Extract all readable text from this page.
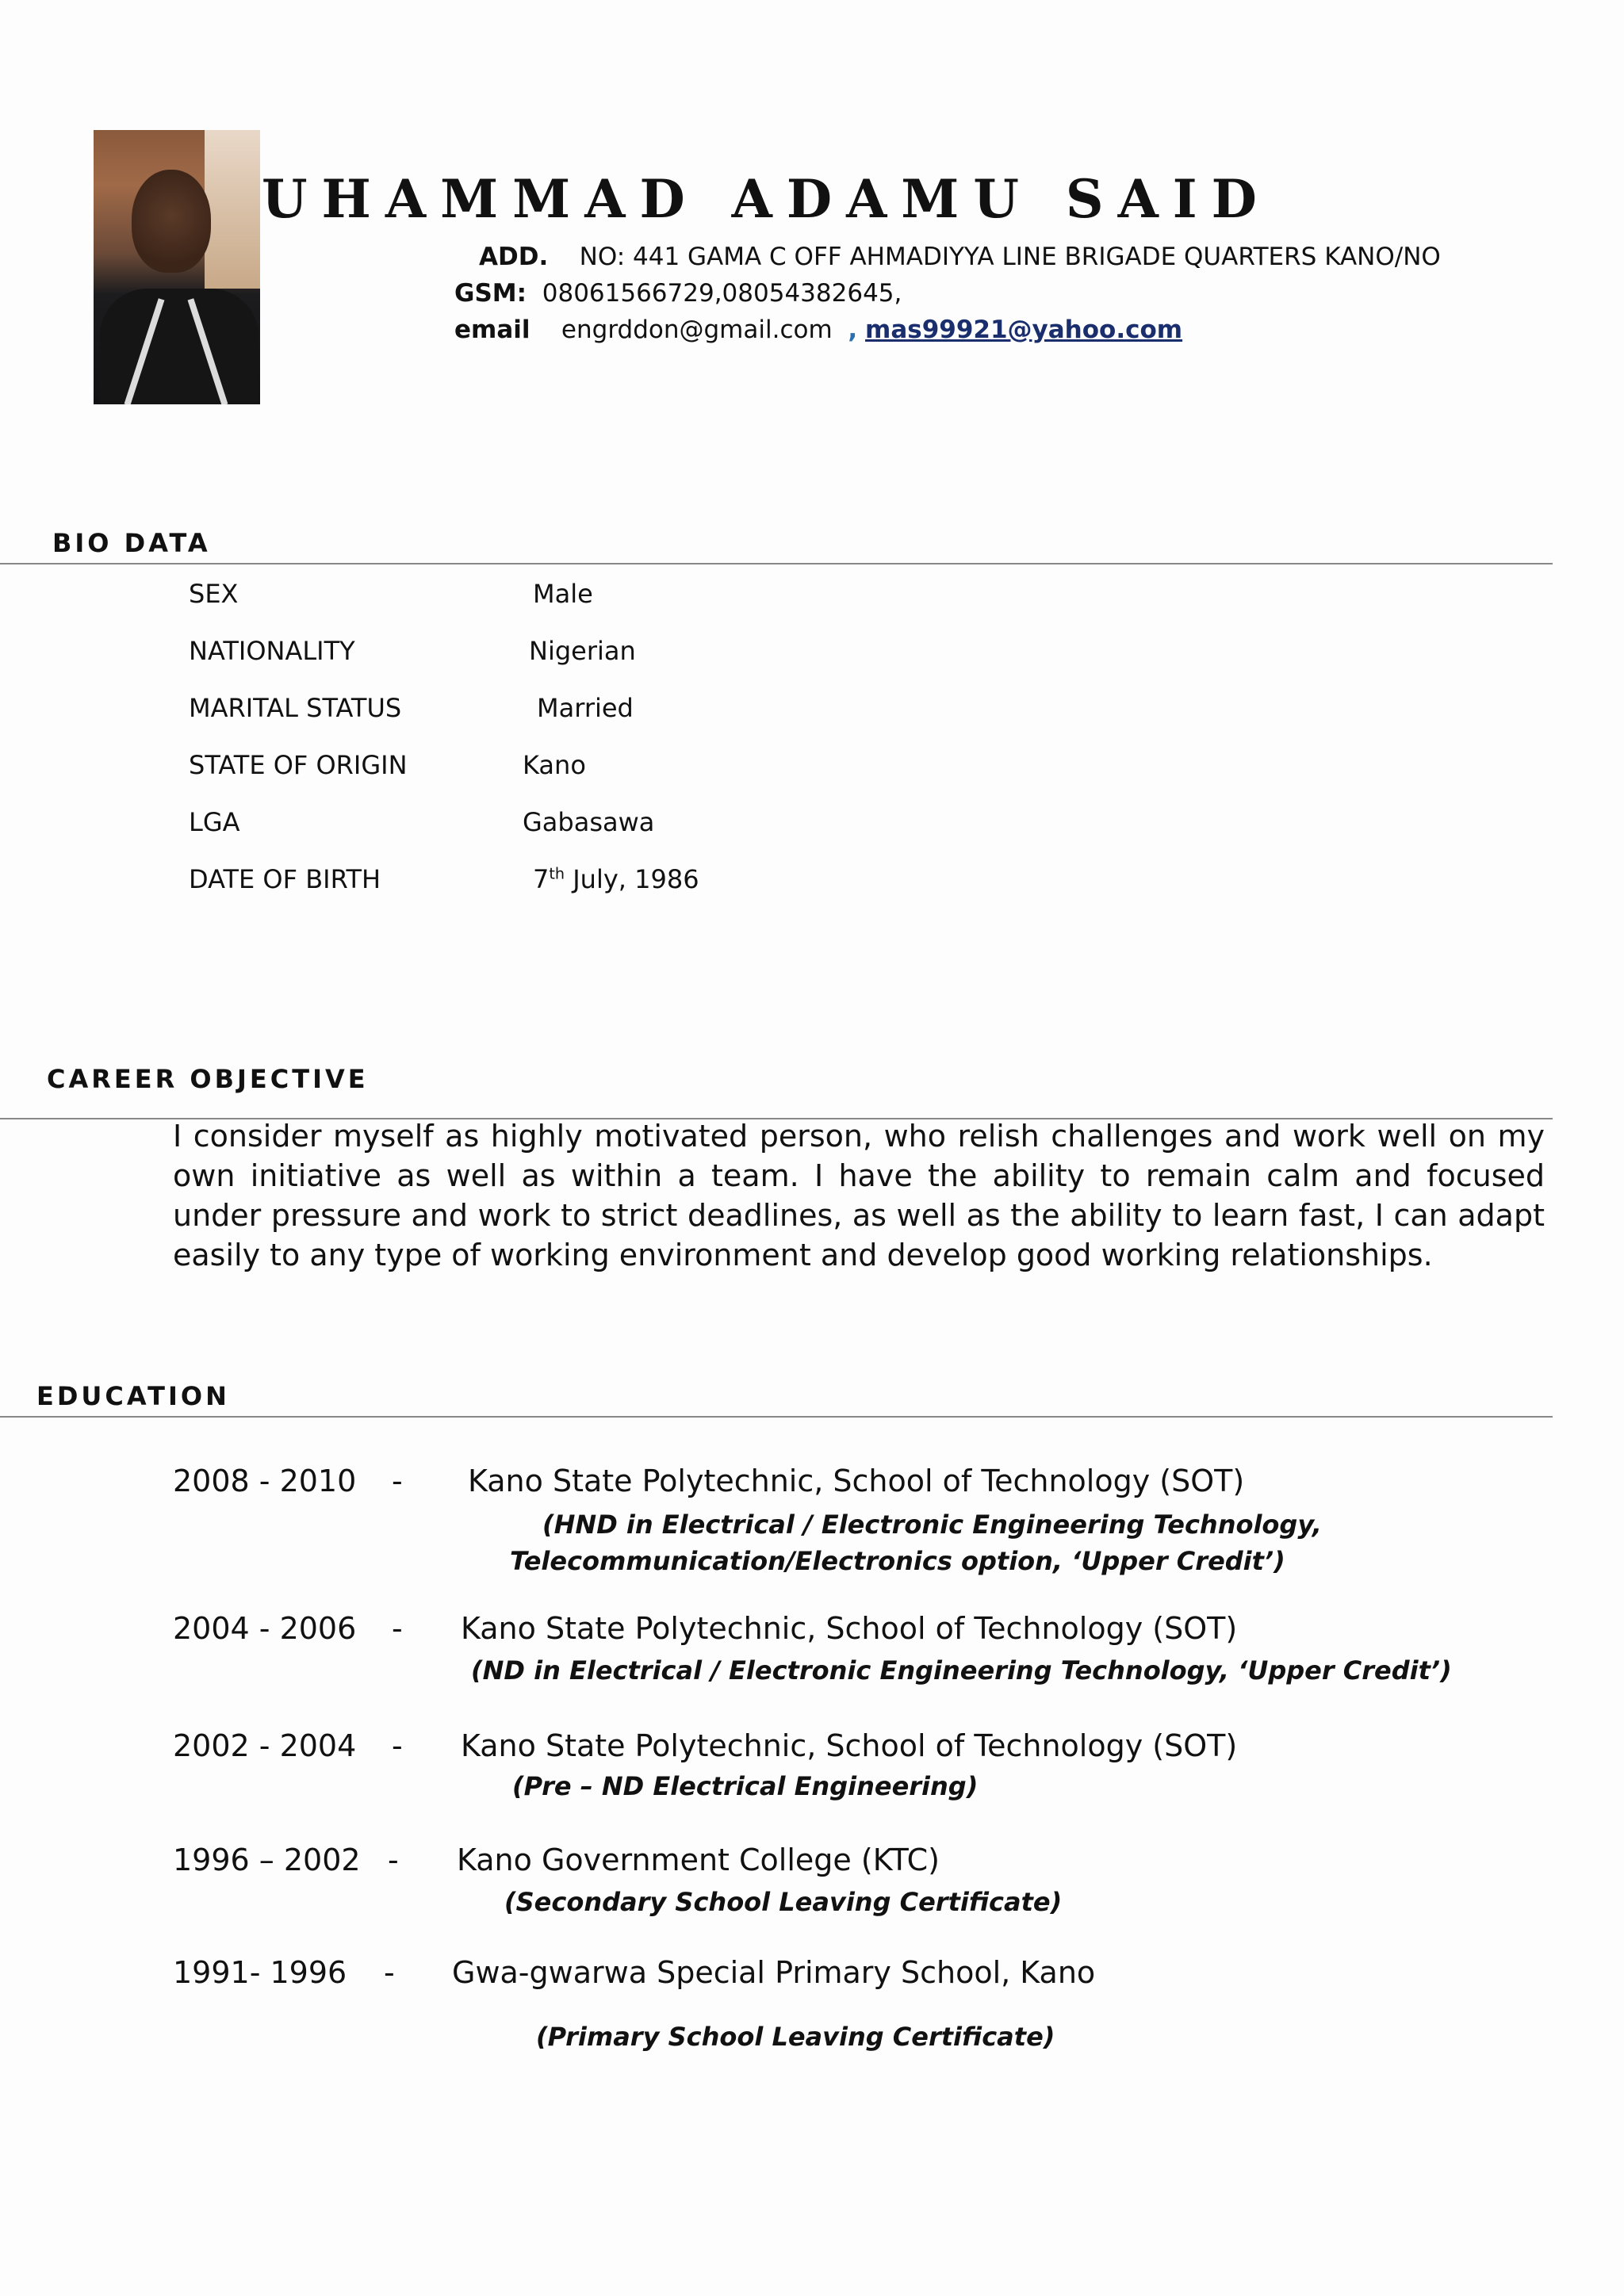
UHAMMAD ADAMU SAID
ADD. NO: 441 GAMA C OFF AHMADIYYA LINE BRIGADE QUARTERS KANO/NO
GSM: 08061566729,08054382645,
email engrddon@gmail.com , mas99921@yahoo.com
BIO DATA
SEX	Male
NATIONALITY	Nigerian
MARITAL STATUS	Married
STATE OF ORIGIN	Kano
LGA	Gabasawa
DATE OF BIRTH	7th July, 1986
CAREER OBJECTIVE
I consider myself as highly motivated person, who relish challenges and work well on my own initiative as well as within a team. I have the ability to remain calm and focused under pressure and work to strict deadlines, as well as the ability to learn fast, I can adapt easily to any type of working environment and develop good working relationships.
EDUCATION
2008 - 2010 - Kano State Polytechnic, School of Technology (SOT)
(HND in Electrical / Electronic Engineering Technology,
Telecommunication/Electronics option, ‘Upper Credit’)
2004 - 2006 - Kano State Polytechnic, School of Technology (SOT)
(ND in Electrical / Electronic Engineering Technology, ‘Upper Credit’)
2002 - 2004 - Kano State Polytechnic, School of Technology (SOT)
(Pre – ND Electrical Engineering)
1996 – 2002 - Kano Government College (KTC)
(Secondary School Leaving Certificate)
1991- 1996 - Gwa-gwarwa Special Primary School, Kano
(Primary School Leaving Certificate)
